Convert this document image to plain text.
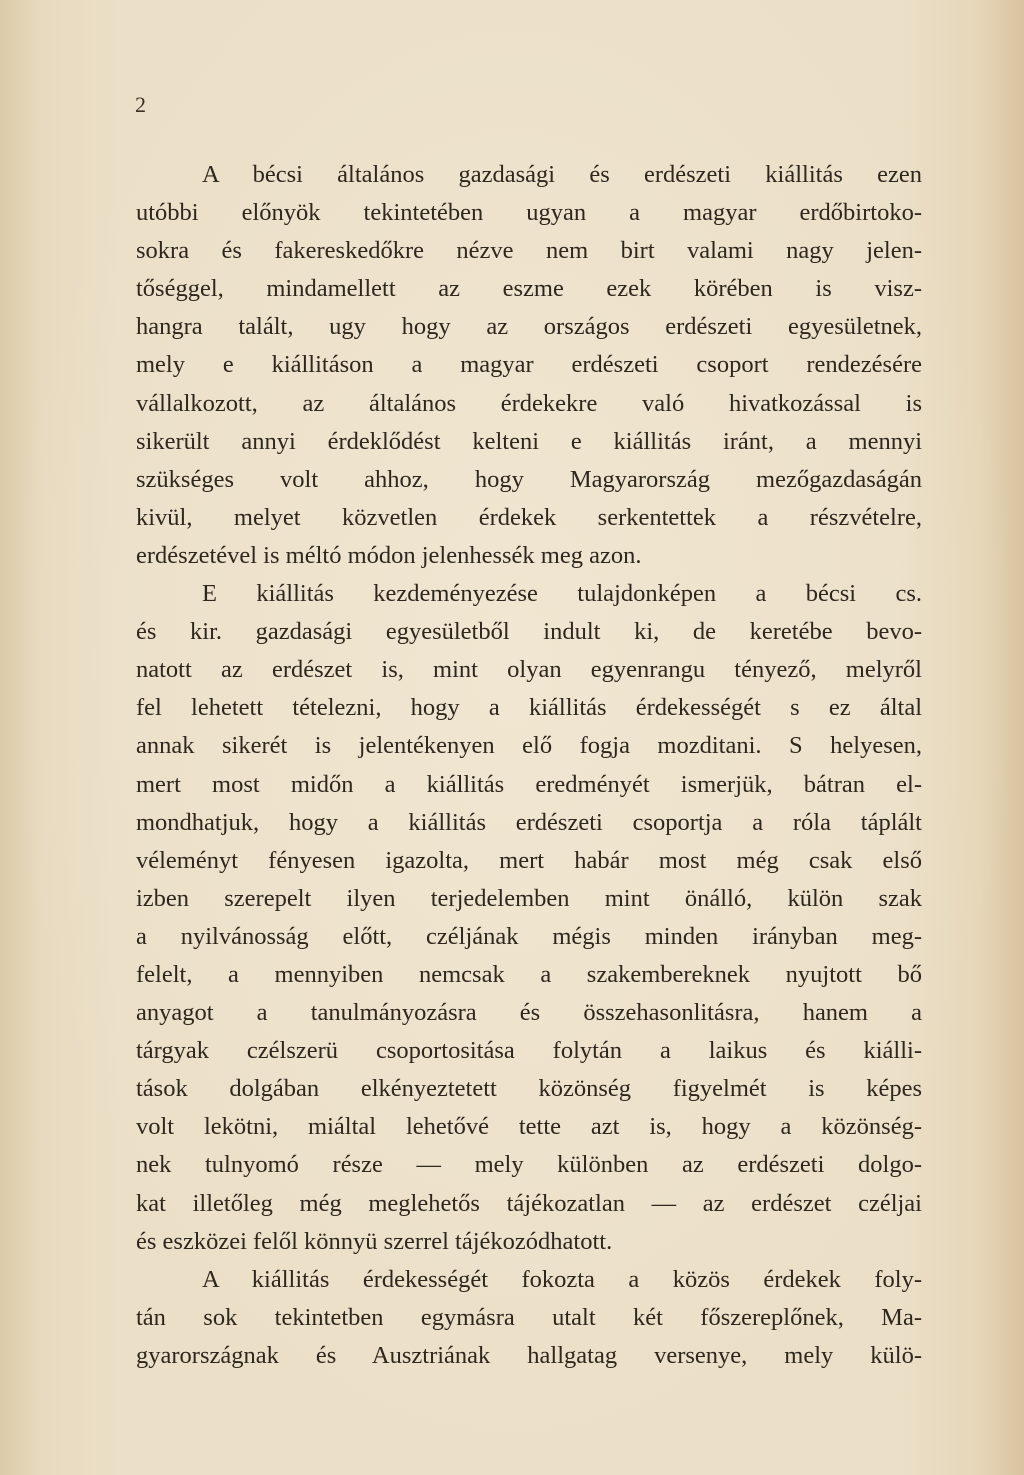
2
A bécsi általános gazdasági és erdészeti kiállitás ezen
utóbbi előnyök tekintetében ugyan a magyar erdőbirtoko-
sokra és fakereskedőkre nézve nem birt valami nagy jelen-
tőséggel, mindamellett az eszme ezek körében is visz-
hangra talált, ugy hogy az országos erdészeti egyesületnek,
mely e kiállitáson a magyar erdészeti csoport rendezésére
vállalkozott, az általános érdekekre való hivatkozással is
sikerült annyi érdeklődést kelteni e kiállitás iránt, a mennyi
szükséges volt ahhoz, hogy Magyarország mezőgazdaságán
kivül, melyet közvetlen érdekek serkentettek a részvételre,
erdészetével is méltó módon jelenhessék meg azon.
E kiállitás kezdeményezése tulajdonképen a bécsi cs.
és kir. gazdasági egyesületből indult ki, de keretébe bevo-
natott az erdészet is, mint olyan egyenrangu tényező, melyről
fel lehetett tételezni, hogy a kiállitás érdekességét s ez által
annak sikerét is jelentékenyen elő fogja mozditani. S helyesen,
mert most midőn a kiállitás eredményét ismerjük, bátran el-
mondhatjuk, hogy a kiállitás erdészeti csoportja a róla táplált
véleményt fényesen igazolta, mert habár most még csak első
izben szerepelt ilyen terjedelemben mint önálló, külön szak
a nyilvánosság előtt, czéljának mégis minden irányban meg-
felelt, a mennyiben nemcsak a szakembereknek nyujtott bő
anyagot a tanulmányozásra és összehasonlitásra, hanem a
tárgyak czélszerü csoportositása folytán a laikus és kiálli-
tások dolgában elkényeztetett közönség figyelmét is képes
volt lekötni, miáltal lehetővé tette azt is, hogy a közönség-
nek tulnyomó része — mely különben az erdészeti dolgo-
kat illetőleg még meglehetős tájékozatlan — az erdészet czéljai
és eszközei felől könnyü szerrel tájékozódhatott.
A kiállitás érdekességét fokozta a közös érdekek foly-
tán sok tekintetben egymásra utalt két főszereplőnek, Ma-
gyarországnak és Ausztriának hallgatag versenye, mely külö-
